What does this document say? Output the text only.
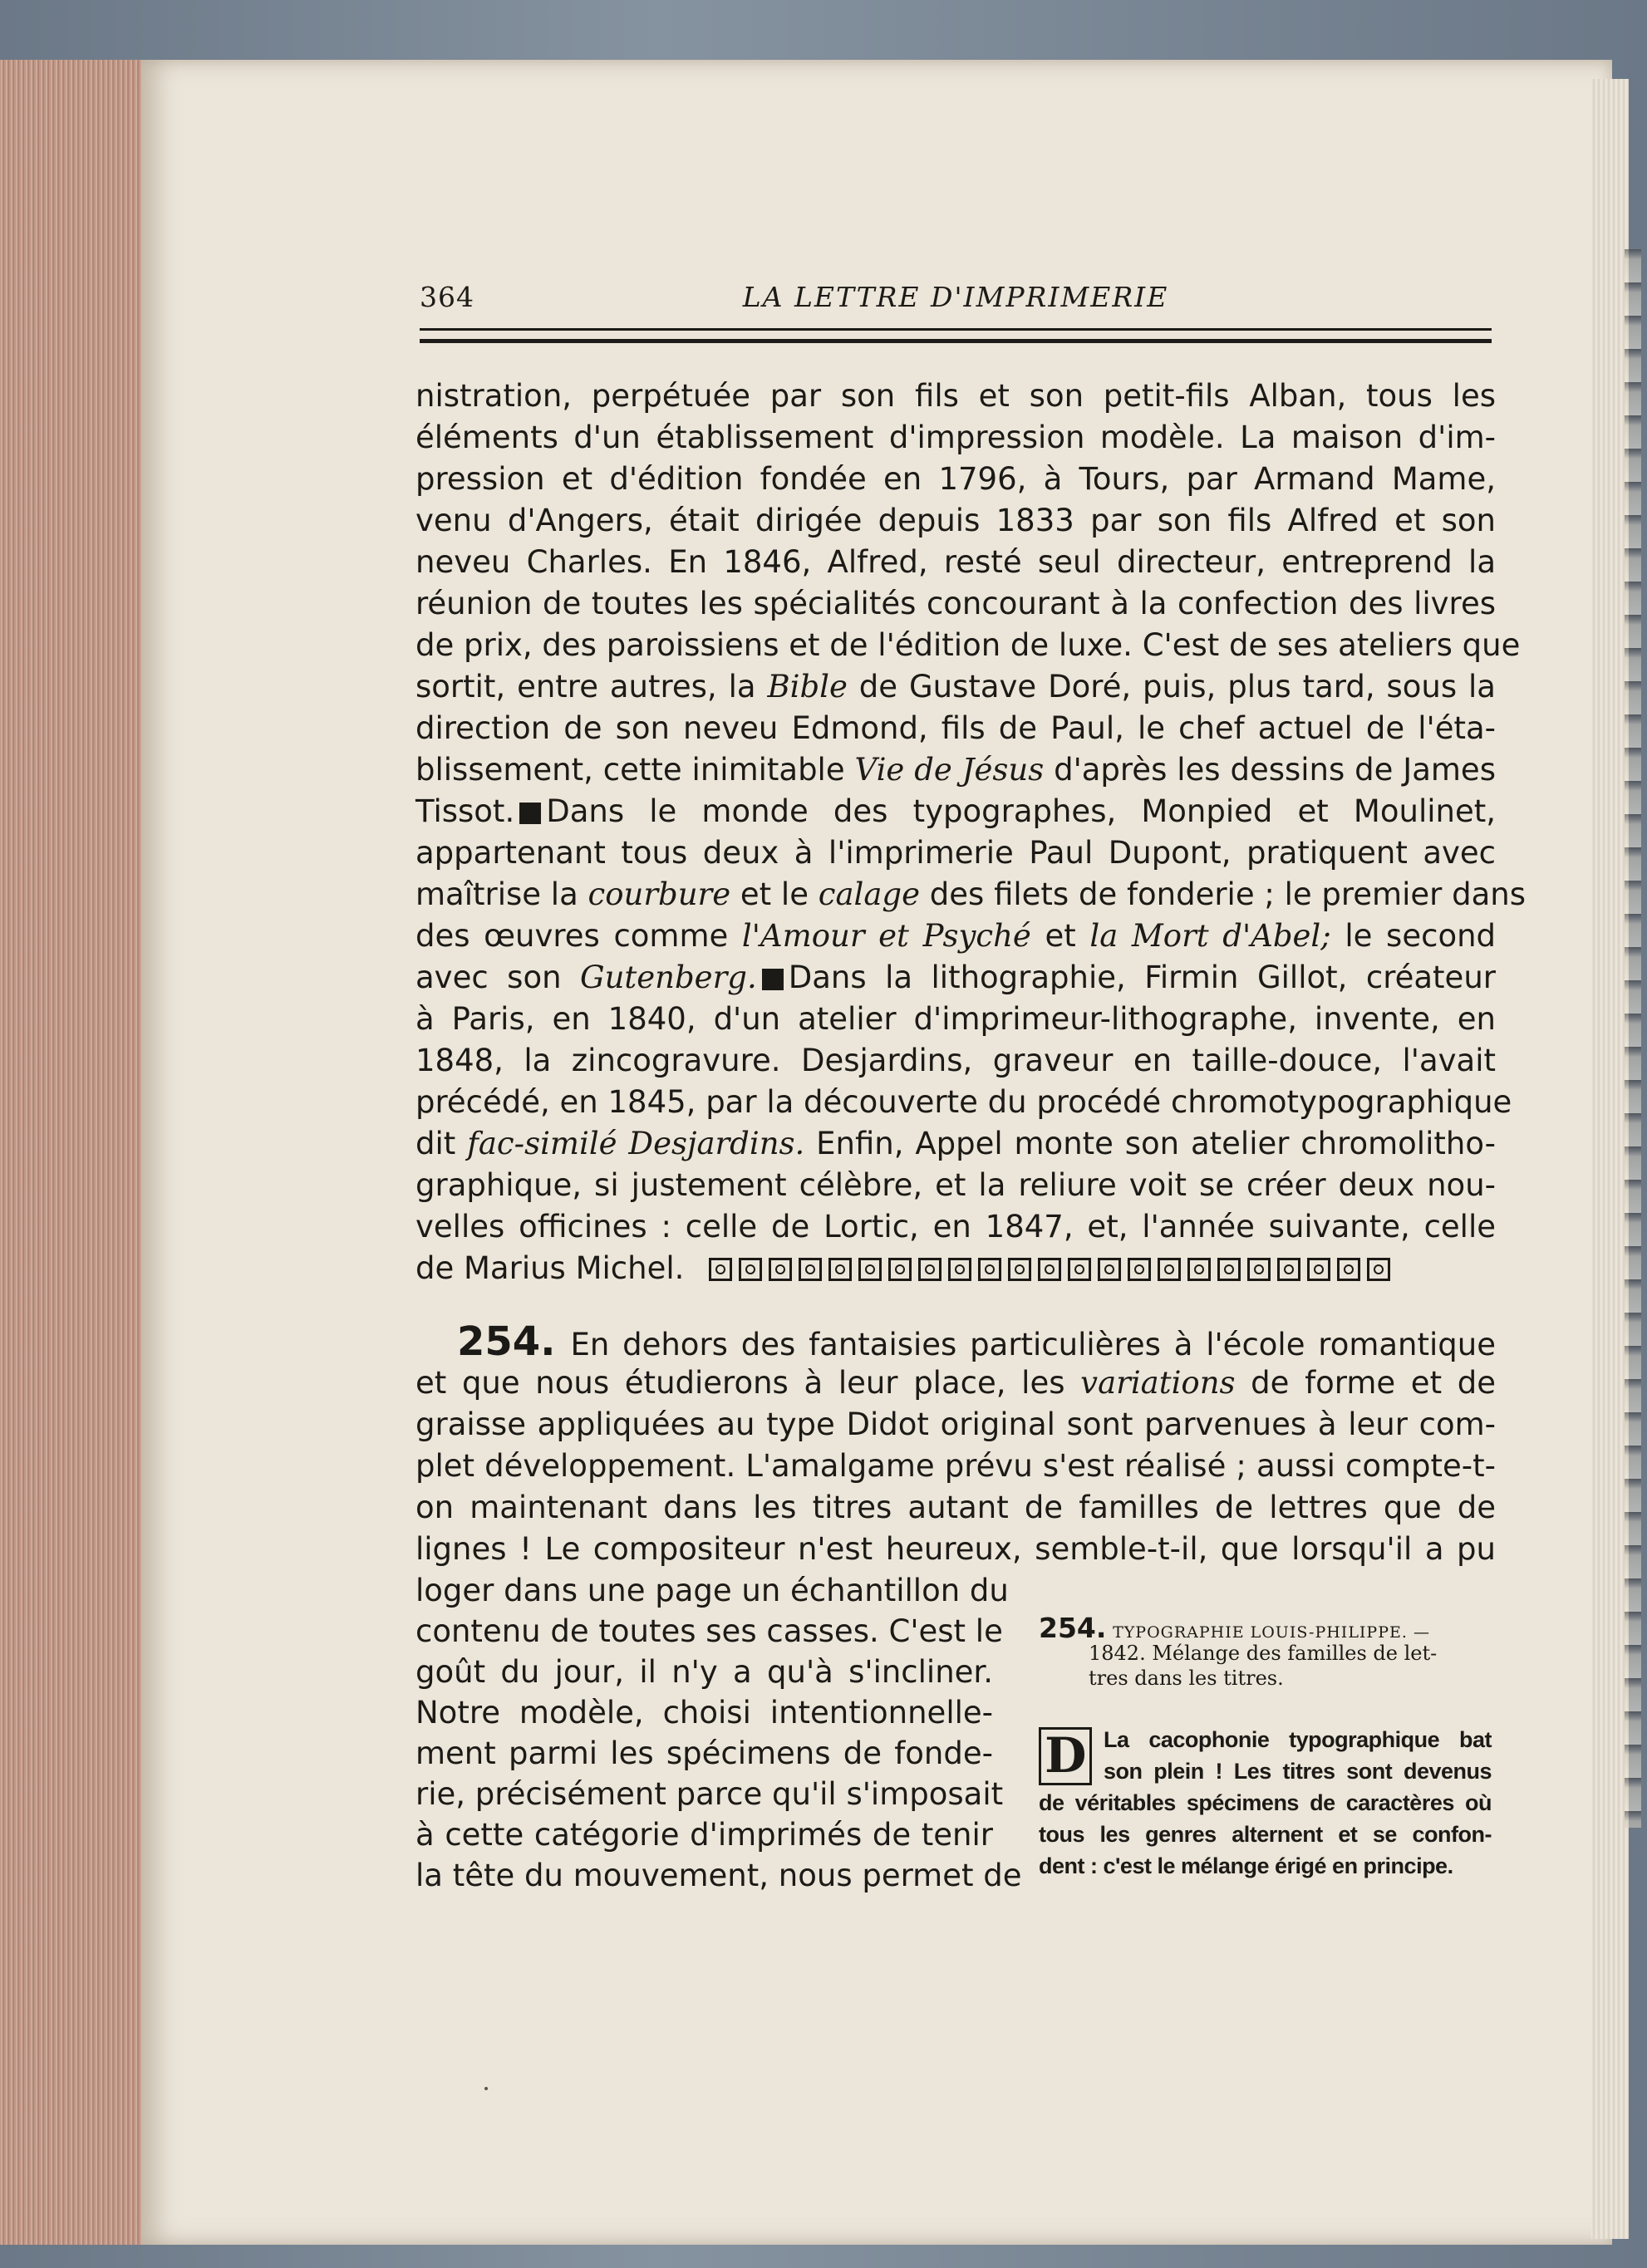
364	LA LETTRE D'IMPRIMERIE
nistration, perpétuée par son fils et son petit-fils Alban, tous les
éléments d'un établissement d'impression modèle. La maison d'im-
pression et d'édition fondée en 1796, à Tours, par Armand Mame,
venu d'Angers, était dirigée depuis 1833 par son fils Alfred et son
neveu Charles. En 1846, Alfred, resté seul directeur, entreprend la
réunion de toutes les spécialités concourant à la confection des livres
de prix, des paroissiens et de l'édition de luxe. C'est de ses ateliers que
sortit, entre autres, la Bible de Gustave Doré, puis, plus tard, sous la
direction de son neveu Edmond, fils de Paul, le chef actuel de l'éta-
blissement, cette inimitable Vie de Jésus d'après les dessins de James
Tissot. Dans le monde des typographes, Monpied et Moulinet,
appartenant tous deux à l'imprimerie Paul Dupont, pratiquent avec
maîtrise la courbure et le calage des filets de fonderie ; le premier dans
des œuvres comme l'Amour et Psyché et la Mort d'Abel; le second
avec son Gutenberg. Dans la lithographie, Firmin Gillot, créateur
à Paris, en 1840, d'un atelier d'imprimeur-lithographe, invente, en
1848, la zincogravure. Desjardins, graveur en taille-douce, l'avait
précédé, en 1845, par la découverte du procédé chromotypographique
dit fac-similé Desjardins. Enfin, Appel monte son atelier chromolitho-
graphique, si justement célèbre, et la reliure voit se créer deux nou-
velles officines : celle de Lortic, en 1847, et, l'année suivante, celle
de Marius Michel.
254. En dehors des fantaisies particulières à l'école romantique
et que nous étudierons à leur place, les variations de forme et de
graisse appliquées au type Didot original sont parvenues à leur com-
plet développement. L'amalgame prévu s'est réalisé ; aussi compte-t-
on maintenant dans les titres autant de familles de lettres que de
lignes ! Le compositeur n'est heureux, semble-t-il, que lorsqu'il a pu
loger dans une page un échantillon du
contenu de toutes ses casses. C'est le
goût du jour, il n'y a qu'à s'incliner.
Notre modèle, choisi intentionnelle-
ment parmi les spécimens de fonde-
rie, précisément parce qu'il s'imposait
à cette catégorie d'imprimés de tenir
la tête du mouvement, nous permet de
254. TYPOGRAPHIE LOUIS-PHILIPPE. —
1842. Mélange des familles de let-
tres dans les titres.
D La cacophonie typographique bat
son plein ! Les titres sont devenus
de véritables spécimens de caractères où
tous les genres alternent et se confon-
dent : c'est le mélange érigé en principe.
